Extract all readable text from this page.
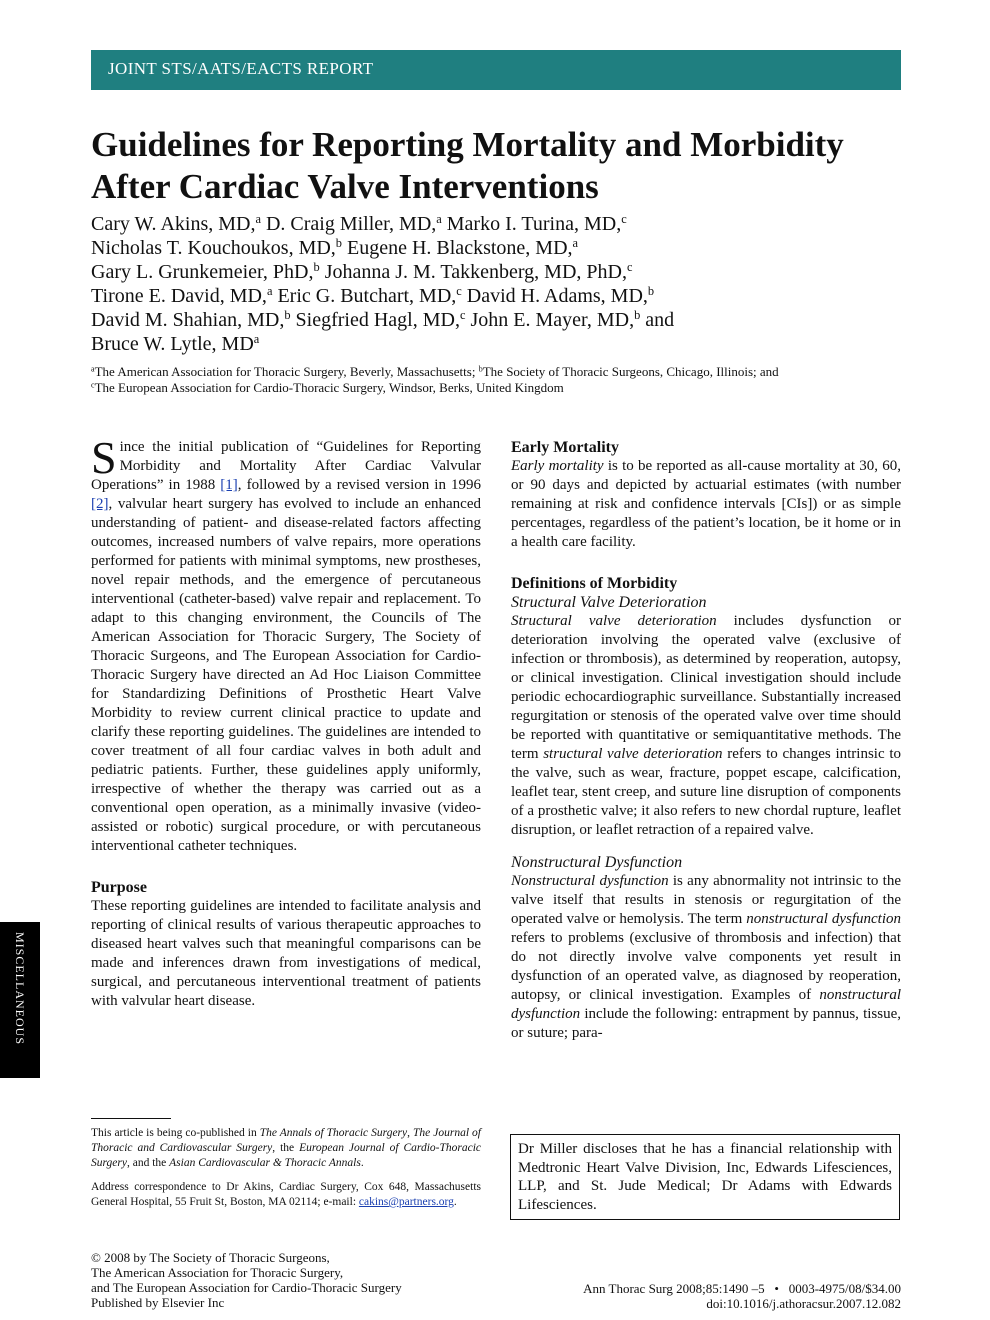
JOINT STS/AATS/EACTS REPORT
Guidelines for Reporting Mortality and Morbidity
After Cardiac Valve Interventions
Cary W. Akins, MD,$^a$ D. Craig Miller, MD,$^a$ Marko I. Turina, MD,$^c$
Nicholas T. Kouchoukos, MD,$^b$ Eugene H. Blackstone, MD,$^a$
Gary L. Grunkemeier, PhD,$^b$ Johanna J. M. Takkenberg, MD, PhD,$^c$
Tirone E. David, MD,$^a$ Eric G. Butchart, MD,$^c$ David H. Adams, MD,$^b$
David M. Shahian, MD,$^b$ Siegfried Hagl, MD,$^c$ John E. Mayer, MD,$^b$ and
Bruce W. Lytle, $MD^a$
$^a$The American Association for Thoracic Surgery, Beverly, Massachusetts; $^b$The Society of Thoracic Surgeons, Chicago, Illinois; and
$^c$The European Association for Cardio-Thoracic Surgery, Windsor, Berks, United Kingdom

Since the initial publication of “Guidelines for Reporting Morbidity and Mortality After Cardiac Valvular Operations” in 1988 [1], followed by a revised version in 1996 [2], valvular heart surgery has evolved to include an enhanced understanding of patient- and disease-related factors affecting outcomes, increased numbers of valve repairs, more operations performed for patients with minimal symptoms, new prostheses, novel repair methods, and the emergence of percutaneous interventional (catheter-based) valve repair and replacement. To adapt to this changing environment, the Councils of The American Association for Thoracic Surgery, The Society of Thoracic Surgeons, and The European Association for Cardio-Thoracic Surgery have directed an Ad Hoc Liaison Committee for Standardizing Definitions of Prosthetic Heart Valve Morbidity to review current clinical practice to update and clarify these reporting guidelines. The guidelines are intended to cover treatment of all four cardiac valves in both adult and pediatric patients. Further, these guidelines apply uniformly, irrespective of whether the therapy was carried out as a conventional open operation, as a minimally invasive (video-assisted or robotic) surgical procedure, or with percutaneous interventional catheter techniques.

Purpose

These reporting guidelines are intended to facilitate analysis and reporting of clinical results of various therapeutic approaches to diseased heart valves such that meaningful comparisons can be made and inferences drawn from investigations of medical, surgical, and percutaneous interventional treatment of patients with valvular heart disease.

Early Mortality

Early mortality is to be reported as all-cause mortality at 30, 60, or 90 days and depicted by actuarial estimates (with number remaining at risk and confidence intervals [CIs]) or as simple percentages, regardless of the patient’s location, be it home or in a health care facility.

Definitions of Morbidity

Structural Valve Deterioration

Structural valve deterioration includes dysfunction or deterioration involving the operated valve (exclusive of infection or thrombosis), as determined by reoperation, autopsy, or clinical investigation. Clinical investigation should include periodic echocardiographic surveillance. Substantially increased regurgitation or stenosis of the operated valve over time should be reported with quantitative or semiquantitative methods. The term structural valve deterioration refers to changes intrinsic to the valve, such as wear, fracture, poppet escape, calcification, leaflet tear, stent creep, and suture line disruption of components of a prosthetic valve; it also refers to new chordal rupture, leaflet disruption, or leaflet retraction of a repaired valve.

Nonstructural Dysfunction

Nonstructural dysfunction is any abnormality not intrinsic to the valve itself that results in stenosis or regurgitation of the operated valve or hemolysis. The term nonstructural dysfunction refers to problems (exclusive of thrombosis and infection) that do not directly involve valve components yet result in dysfunction of an operated valve, as diagnosed by reoperation, autopsy, or clinical investigation. Examples of nonstructural dysfunction include the following: entrapment by pannus, tissue, or suture; para-

This article is being co-published in The Annals of Thoracic Surgery, The Journal of Thoracic and Cardiovascular Surgery, the European Journal of Cardio-Thoracic Surgery, and the Asian Cardiovascular & Thoracic Annals.
Address correspondence to Dr Akins, Cardiac Surgery, Cox 648, Massachusetts General Hospital, 55 Fruit St, Boston, MA 02114; e-mail: cakins@partners.org.
Dr Miller discloses that he has a financial relationship with Medtronic Heart Valve Division, Inc, Edwards Lifesciences, LLP, and St. Jude Medical; Dr Adams with Edwards Lifesciences.
© 2008 by The Society of Thoracic Surgeons,
The American Association for Thoracic Surgery,
and The European Association for Cardio-Thoracic Surgery
Published by Elsevier Inc
Ann Thorac Surg 2008;85:1490 –5 • 0003-4975/08/$34.00
doi:10.1016/j.athoracsur.2007.12.082
MISCELLANEOUS
